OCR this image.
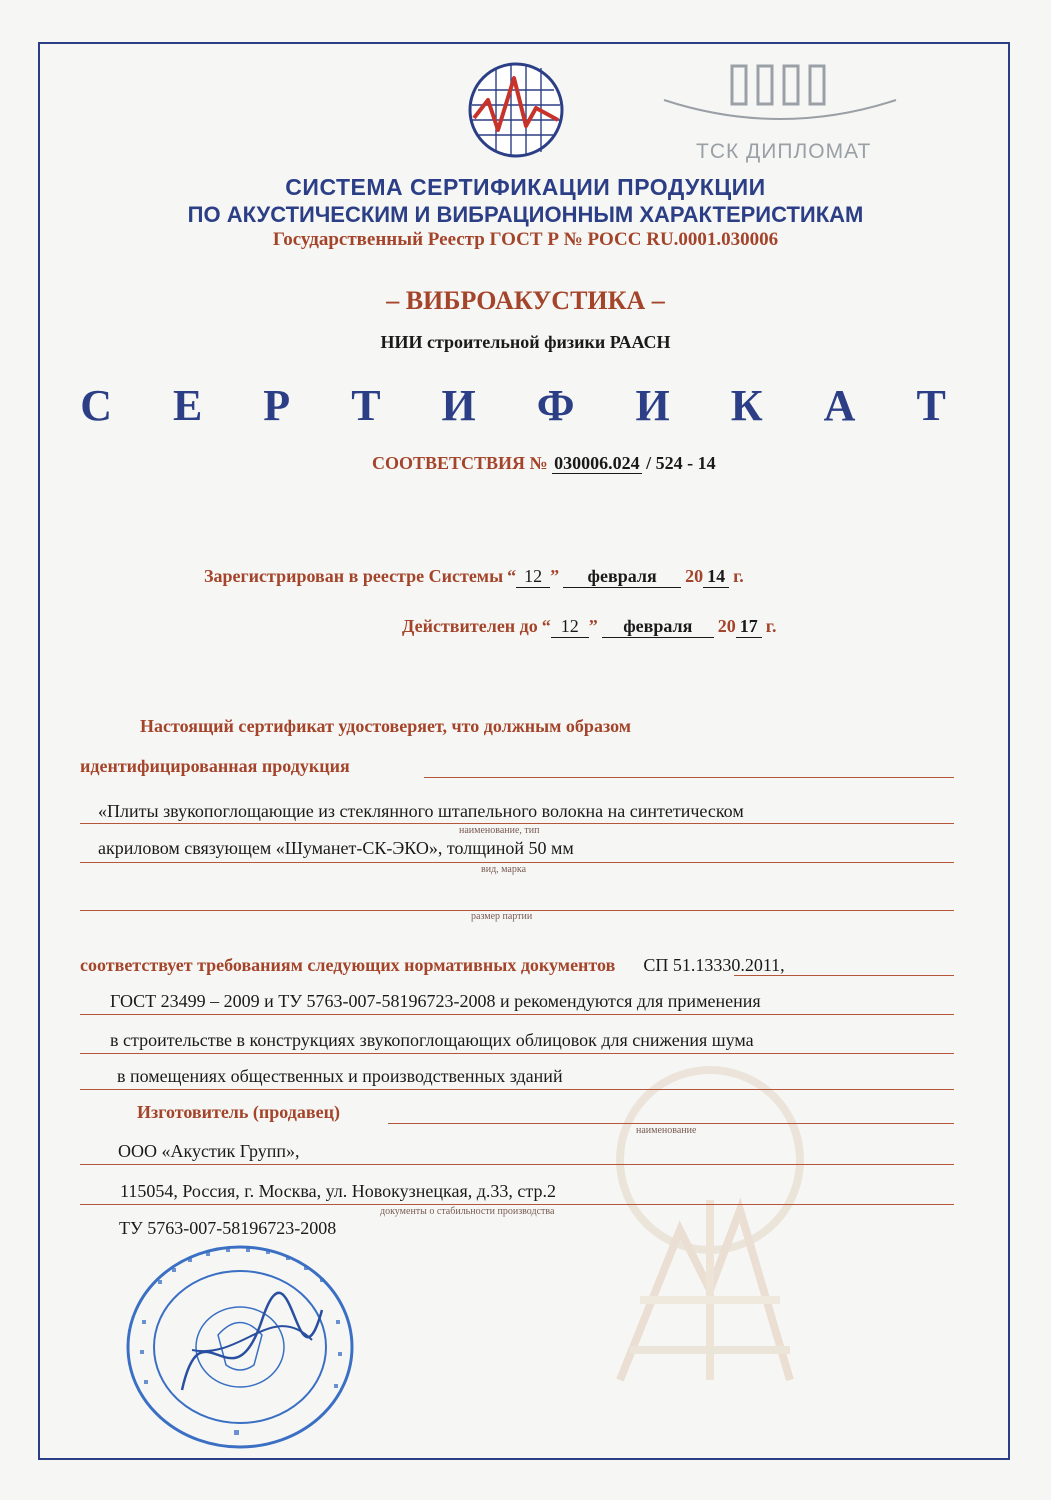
ТСК ДИПЛОМАТ
СИСТЕМА СЕРТИФИКАЦИИ ПРОДУКЦИИ
ПО АКУСТИЧЕСКИМ И ВИБРАЦИОННЫМ ХАРАКТЕРИСТИКАМ
Государственный Реестр ГОСТ Р № РОСС RU.0001.030006
– ВИБРОАКУСТИКА –
НИИ строительной физики РААСН
С Е Р Т И Ф И К А Т
СООТВЕТСТВИЯ № 030006.024 / 524 - 14
Зарегистрирован в реестре Системы “ 12 ” февраля 20 14 г.
Действителен до “ 12 ” февраля 20 17 г.
Настоящий сертификат удостоверяет, что должным образом
идентифицированная продукция
«Плиты звукопоглощающие из стеклянного штапельного волокна на синтетическом
наименование, тип
акриловом связующем «Шуманет-СК-ЭКО», толщиной 50 мм
вид, марка
размер партии
соответствует требованиям следующих нормативных документов СП 51.13330.2011,
ГОСТ 23499 – 2009 и ТУ 5763-007-58196723-2008 и рекомендуются для применения
в строительстве в конструкциях звукопоглощающих облицовок для снижения шума
в помещениях общественных и производственных зданий
Изготовитель (продавец)
наименование
ООО «Акустик Групп»,
115054, Россия, г. Москва, ул. Новокузнецкая, д.33, стр.2
документы о стабильности производства
ТУ 5763-007-58196723-2008
